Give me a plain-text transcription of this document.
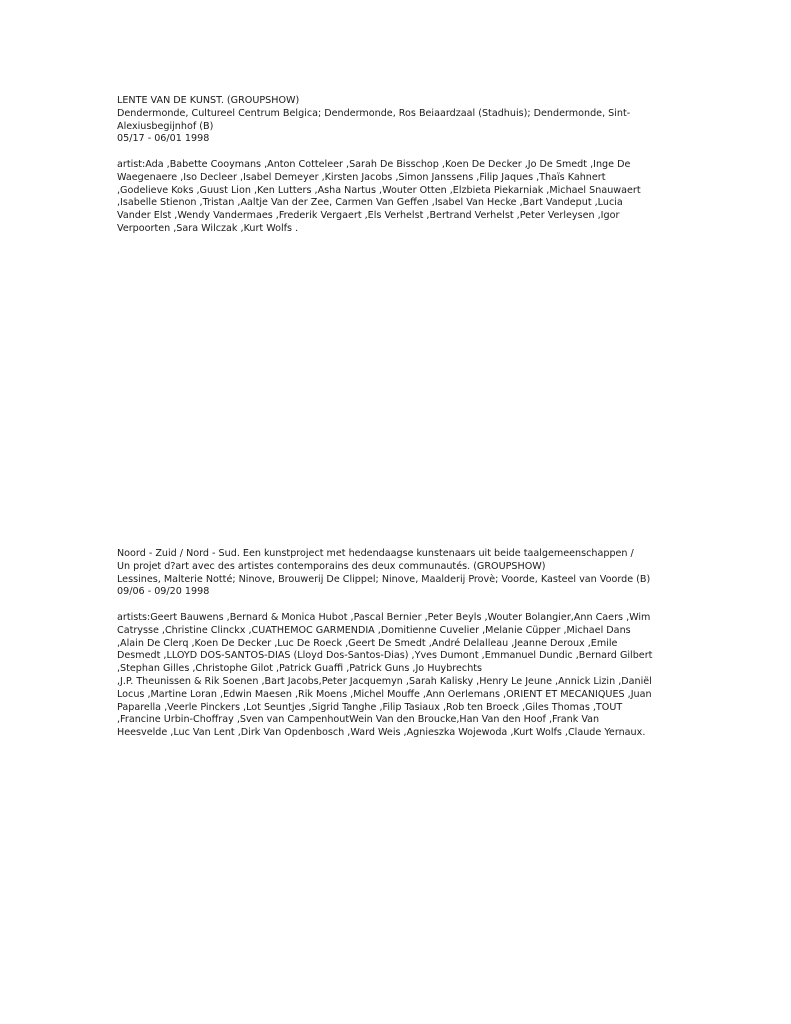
LENTE VAN DE KUNST. (GROUPSHOW)
Dendermonde, Cultureel Centrum Belgica; Dendermonde, Ros Beiaardzaal (Stadhuis); Dendermonde, Sint-
Alexiusbegijnhof (B)
05/17 - 06/01 1998
artist:Ada ,Babette Cooymans ,Anton Cotteleer ,Sarah De Bisschop ,Koen De Decker ,Jo De Smedt ,Inge De
Waegenaere ,Iso Decleer ,Isabel Demeyer ,Kirsten Jacobs ,Simon Janssens ,Filip Jaques ,Thaïs Kahnert
,Godelieve Koks ,Guust Lion ,Ken Lutters ,Asha Nartus ,Wouter Otten ,Elzbieta Piekarniak ,Michael Snauwaert
,Isabelle Stienon ,Tristan ,Aaltje Van der Zee, Carmen Van Geffen ,Isabel Van Hecke ,Bart Vandeput ,Lucia
Vander Elst ,Wendy Vandermaes ,Frederik Vergaert ,Els Verhelst ,Bertrand Verhelst ,Peter Verleysen ,Igor
Verpoorten ,Sara Wilczak ,Kurt Wolfs .
Noord - Zuid / Nord - Sud. Een kunstproject met hedendaagse kunstenaars uit beide taalgemeenschappen /
Un projet d?art avec des artistes contemporains des deux communautés. (GROUPSHOW)
Lessines, Malterie Notté; Ninove, Brouwerij De Clippel; Ninove, Maalderij Provè; Voorde, Kasteel van Voorde (B)
09/06 - 09/20 1998
artists:Geert Bauwens ,Bernard & Monica Hubot ,Pascal Bernier ,Peter Beyls ,Wouter Bolangier,Ann Caers ,Wim
Catrysse ,Christine Clinckx ,CUATHEMOC GARMENDIA ,Domitienne Cuvelier ,Melanie Cüpper ,Michael Dans
,Alain De Clerq ,Koen De Decker ,Luc De Roeck ,Geert De Smedt ,André Delalleau ,Jeanne Deroux ,Emile
Desmedt ,LLOYD DOS-SANTOS-DIAS (Lloyd Dos-Santos-Dias) ,Yves Dumont ,Emmanuel Dundic ,Bernard Gilbert
,Stephan Gilles ,Christophe Gilot ,Patrick Guaffi ,Patrick Guns ,Jo Huybrechts
,J.P. Theunissen & Rik Soenen ,Bart Jacobs,Peter Jacquemyn ,Sarah Kalisky ,Henry Le Jeune ,Annick Lizin ,Daniël
Locus ,Martine Loran ,Edwin Maesen ,Rik Moens ,Michel Mouffe ,Ann Oerlemans ,ORIENT ET MECANIQUES ,Juan
Paparella ,Veerle Pinckers ,Lot Seuntjes ,Sigrid Tanghe ,Filip Tasiaux ,Rob ten Broeck ,Giles Thomas ,TOUT
,Francine Urbin-Choffray ,Sven van CampenhoutWein Van den Broucke,Han Van den Hoof ,Frank Van
Heesvelde ,Luc Van Lent ,Dirk Van Opdenbosch ,Ward Weis ,Agnieszka Wojewoda ,Kurt Wolfs ,Claude Yernaux.
